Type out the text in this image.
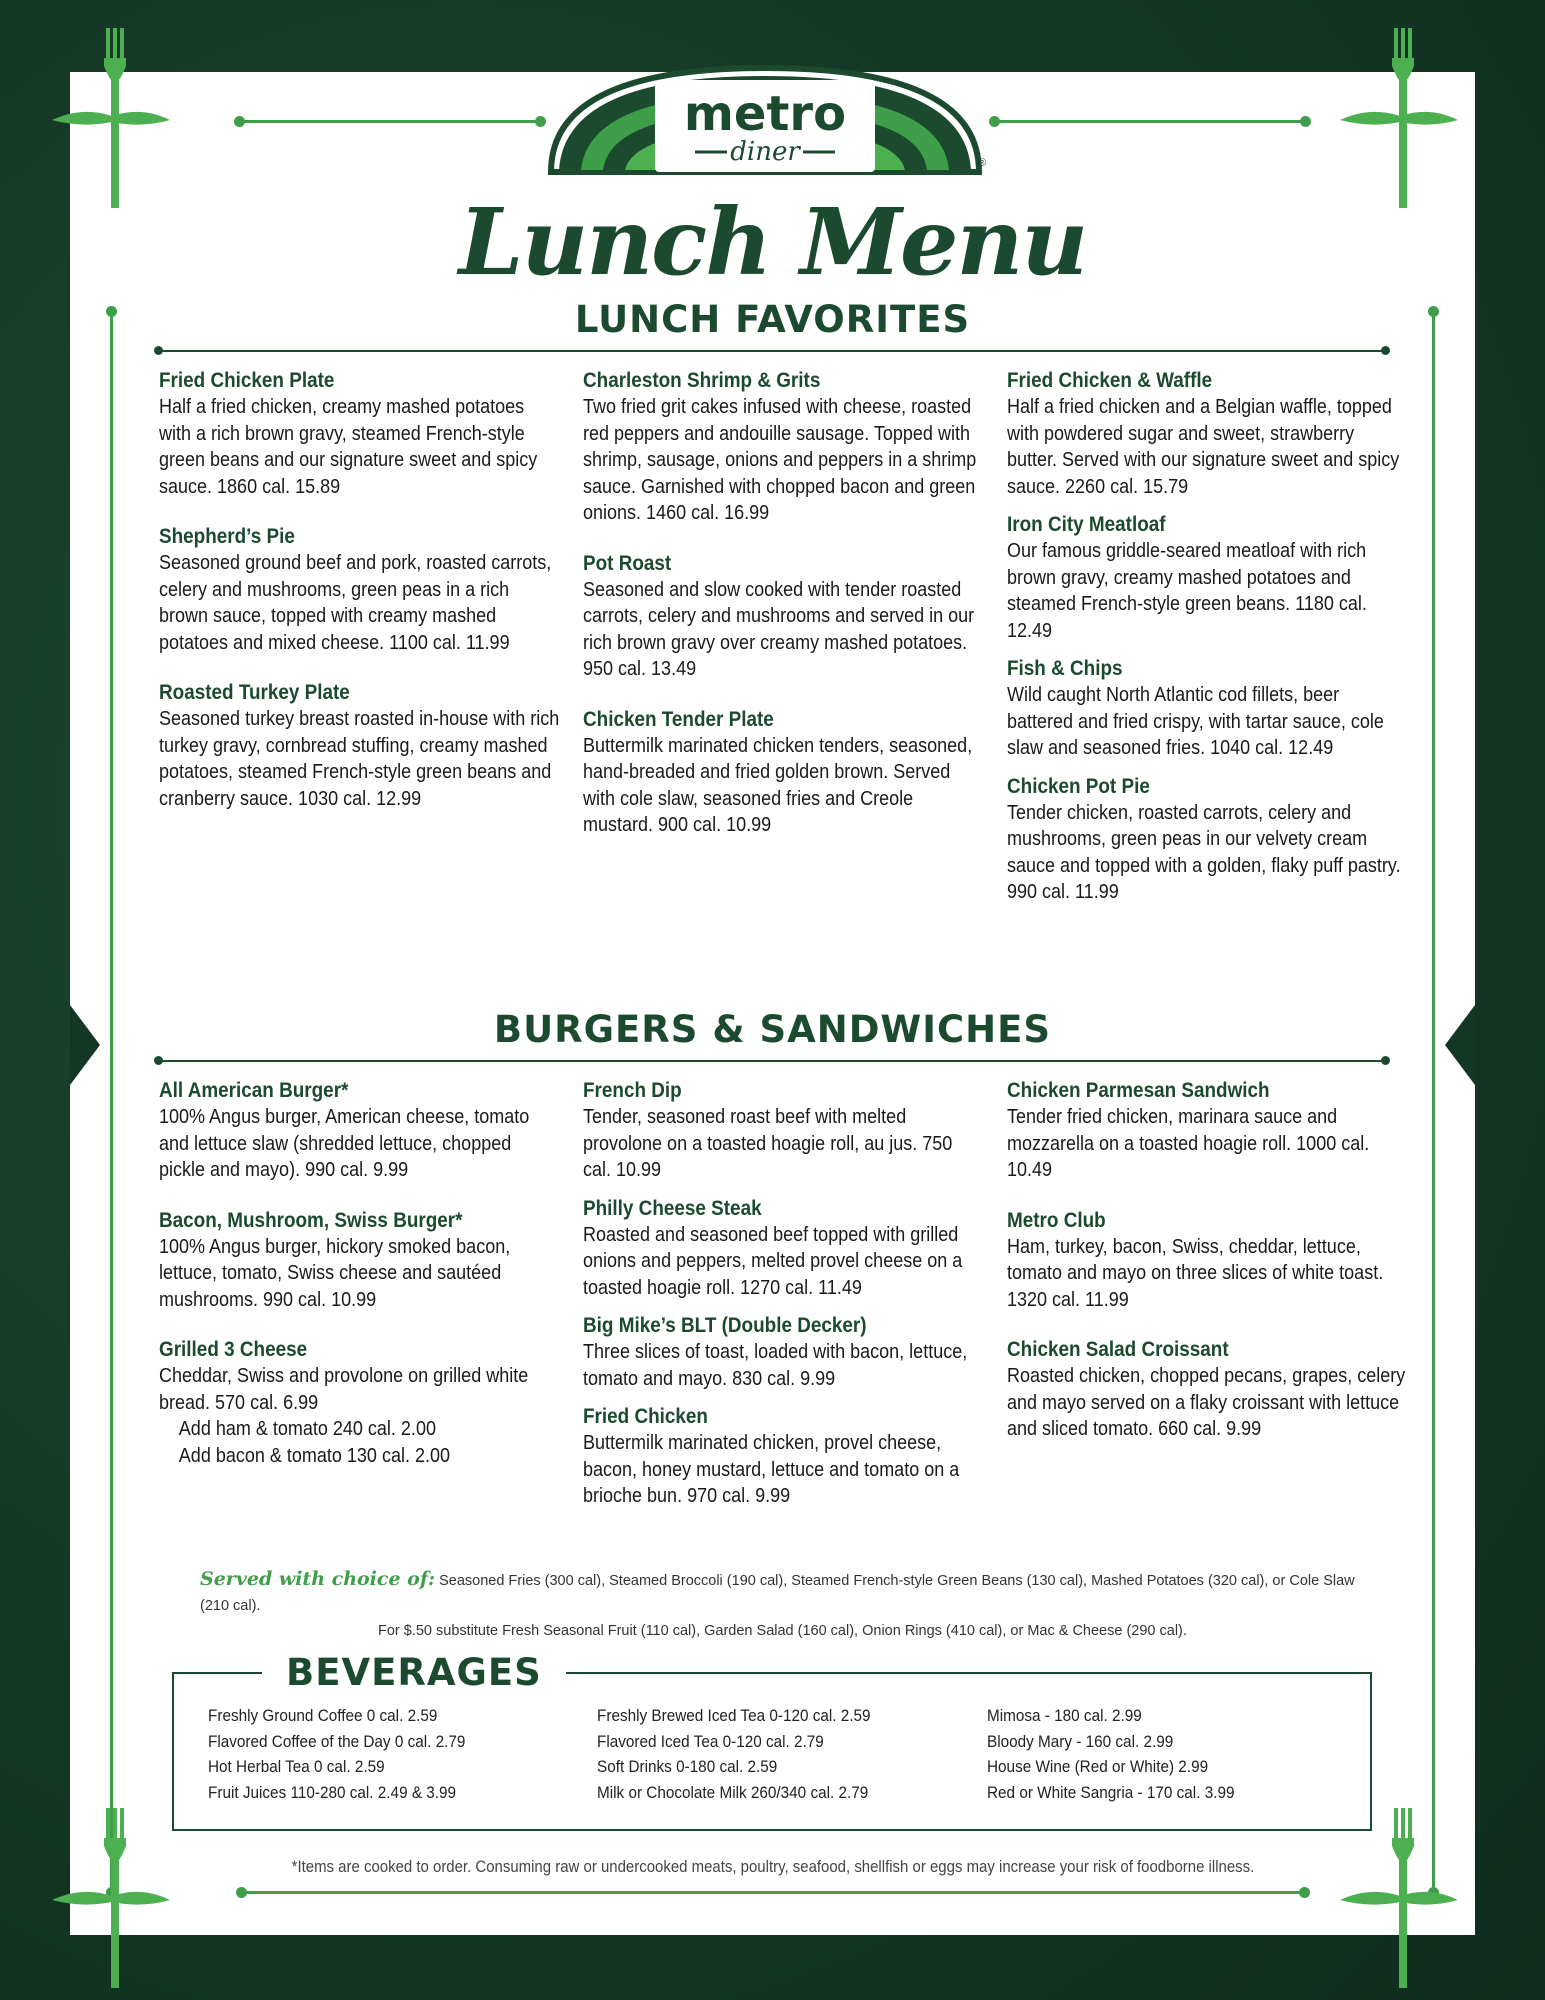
metro
diner	®
Lunch Menu
LUNCH FAVORITES
Fried Chicken Plate
Half a fried chicken, creamy mashed potatoes with a rich brown gravy, steamed French-style green beans and our signature sweet and spicy sauce. 1860 cal. 15.89
Shepherd’s Pie
Seasoned ground beef and pork, roasted carrots, celery and mushrooms, green peas in a rich brown sauce, topped with creamy mashed potatoes and mixed cheese. 1100 cal. 11.99
Roasted Turkey Plate
Seasoned turkey breast roasted in-house with rich turkey gravy, cornbread stuffing, creamy mashed potatoes, steamed French-style green beans and cranberry sauce. 1030 cal. 12.99
Charleston Shrimp & Grits
Two fried grit cakes infused with cheese, roasted red peppers and andouille sausage. Topped with shrimp, sausage, onions and peppers in a shrimp sauce. Garnished with chopped bacon and green onions. 1460 cal. 16.99
Pot Roast
Seasoned and slow cooked with tender roasted carrots, celery and mushrooms and served in our rich brown gravy over creamy mashed potatoes. 950 cal. 13.49
Chicken Tender Plate
Buttermilk marinated chicken tenders, seasoned, hand-breaded and fried golden brown. Served with cole slaw, seasoned fries and Creole mustard. 900 cal. 10.99
Fried Chicken & Waffle
Half a fried chicken and a Belgian waffle, topped with powdered sugar and sweet, strawberry butter. Served with our signature sweet and spicy sauce. 2260 cal. 15.79
Iron City Meatloaf
Our famous griddle-seared meatloaf with rich brown gravy, creamy mashed potatoes and steamed French-style green beans. 1180 cal. 12.49
Fish & Chips
Wild caught North Atlantic cod fillets, beer battered and fried crispy, with tartar sauce, cole slaw and seasoned fries. 1040 cal. 12.49
Chicken Pot Pie
Tender chicken, roasted carrots, celery and mushrooms, green peas in our velvety cream sauce and topped with a golden, flaky puff pastry. 990 cal. 11.99
BURGERS & SANDWICHES
All American Burger*
100% Angus burger, American cheese, tomato and lettuce slaw (shredded lettuce, chopped pickle and mayo). 990 cal. 9.99
Bacon, Mushroom, Swiss Burger*
100% Angus burger, hickory smoked bacon, lettuce, tomato, Swiss cheese and sautéed mushrooms. 990 cal. 10.99
Grilled 3 Cheese
Cheddar, Swiss and provolone on grilled white bread. 570 cal. 6.99
Add ham & tomato 240 cal. 2.00
Add bacon & tomato 130 cal. 2.00
French Dip
Tender, seasoned roast beef with melted provolone on a toasted hoagie roll, au jus. 750 cal. 10.99
Philly Cheese Steak
Roasted and seasoned beef topped with grilled onions and peppers, melted provel cheese on a toasted hoagie roll. 1270 cal. 11.49
Big Mike’s BLT (Double Decker)
Three slices of toast, loaded with bacon, lettuce, tomato and mayo. 830 cal. 9.99
Fried Chicken
Buttermilk marinated chicken, provel cheese, bacon, honey mustard, lettuce and tomato on a brioche bun. 970 cal. 9.99
Chicken Parmesan Sandwich
Tender fried chicken, marinara sauce and mozzarella on a toasted hoagie roll. 1000 cal. 10.49
Metro Club
Ham, turkey, bacon, Swiss, cheddar, lettuce, tomato and mayo on three slices of white toast. 1320 cal. 11.99
Chicken Salad Croissant
Roasted chicken, chopped pecans, grapes, celery and mayo served on a flaky croissant with lettuce and sliced tomato. 660 cal. 9.99
Served with choice of: Seasoned Fries (300 cal), Steamed Broccoli (190 cal), Steamed French-style Green Beans (130 cal), Mashed Potatoes (320 cal), or Cole Slaw (210 cal).
For $.50 substitute Fresh Seasonal Fruit (110 cal), Garden Salad (160 cal), Onion Rings (410 cal), or Mac & Cheese (290 cal).
BEVERAGES
Freshly Ground Coffee 0 cal. 2.59
Flavored Coffee of the Day 0 cal. 2.79
Hot Herbal Tea 0 cal. 2.59
Fruit Juices 110-280 cal. 2.49 & 3.99
Freshly Brewed Iced Tea 0-120 cal. 2.59
Flavored Iced Tea 0-120 cal. 2.79
Soft Drinks 0-180 cal. 2.59
Milk or Chocolate Milk 260/340 cal. 2.79
Mimosa - 180 cal. 2.99
Bloody Mary - 160 cal. 2.99
House Wine (Red or White) 2.99
Red or White Sangria - 170 cal. 3.99
*Items are cooked to order. Consuming raw or undercooked meats, poultry, seafood, shellfish or eggs may increase your risk of foodborne illness.
